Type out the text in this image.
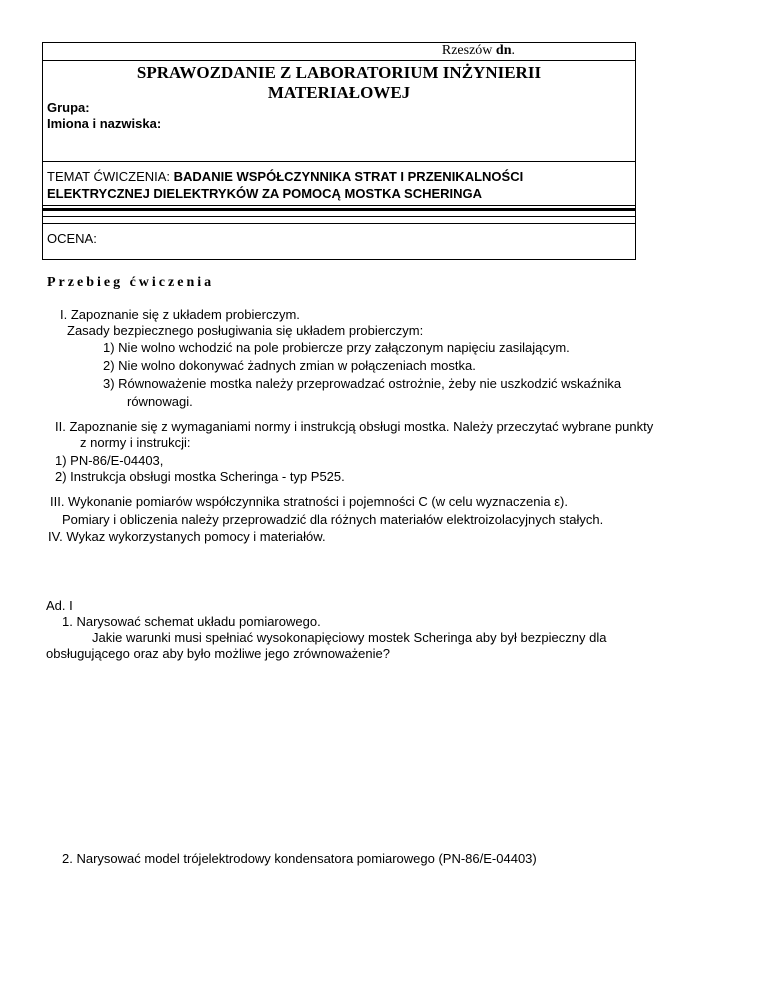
Rzeszów dn.
SPRAWOZDANIE Z LABORATORIUM INŻYNIERII
MATERIAŁOWEJ
Grupa:
Imiona i nazwiska:
TEMAT ĆWICZENIA: BADANIE WSPÓŁCZYNNIKA STRAT I PRZENIKALNOŚCI
ELEKTRYCZNEJ DIELEKTRYKÓW ZA POMOCĄ MOSTKA SCHERINGA
OCENA:
Przebieg ćwiczenia
I. Zapoznanie się z układem probierczym.
Zasady bezpiecznego posługiwania się układem probierczym:
1) Nie wolno wchodzić na pole probiercze przy załączonym napięciu zasilającym.
2) Nie wolno dokonywać żadnych zmian w połączeniach mostka.
3) Równoważenie mostka należy przeprowadzać ostrożnie, żeby nie uszkodzić wskaźnika
równowagi.
II. Zapoznanie się z wymaganiami normy i instrukcją obsługi mostka. Należy przeczytać wybrane punkty
z normy i instrukcji:
1) PN-86/E-04403,
2) Instrukcja obsługi mostka Scheringa - typ P525.
III. Wykonanie pomiarów współczynnika stratności i pojemności C (w celu wyznaczenia ε).
Pomiary i obliczenia należy przeprowadzić dla różnych materiałów elektroizolacyjnych stałych.
IV. Wykaz wykorzystanych pomocy i materiałów.
Ad. I
1. Narysować schemat układu pomiarowego.
Jakie warunki musi spełniać wysokonapięciowy mostek Scheringa aby był bezpieczny dla
obsługującego oraz aby było możliwe jego zrównoważenie?
2. Narysować model trójelektrodowy kondensatora pomiarowego (PN-86/E-04403)
